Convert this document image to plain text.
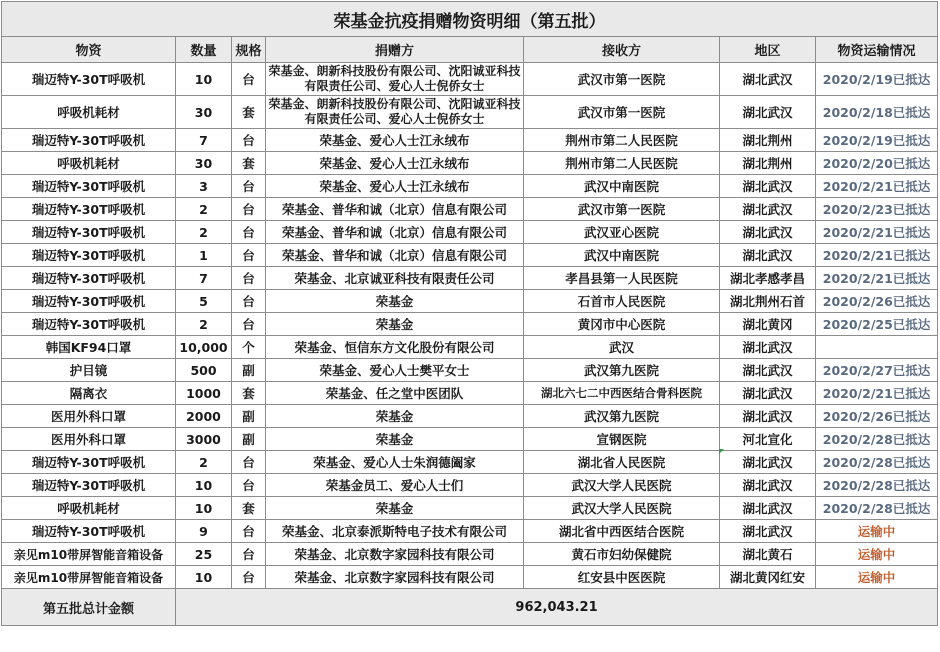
荣基金抗疫捐赠物资明细（第五批）						
物资	数量	规格	捐赠方	接收方	地区	物资运输情况
瑞迈特Y-30T呼吸机	10	台	荣基金、朗新科技股份有限公司、沈阳诚亚科技有限责任公司、爱心人士倪侨女士	武汉市第一医院	湖北武汉	2020/2/19已抵达
呼吸机耗材	30	套	荣基金、朗新科技股份有限公司、沈阳诚亚科技有限责任公司、爱心人士倪侨女士	武汉市第一医院	湖北武汉	2020/2/18已抵达
瑞迈特Y-30T呼吸机	7	台	荣基金、爱心人士江永绒布	荆州市第二人民医院	湖北荆州	2020/2/19已抵达
呼吸机耗材	30	套	荣基金、爱心人士江永绒布	荆州市第二人民医院	湖北荆州	2020/2/20已抵达
瑞迈特Y-30T呼吸机	3	台	荣基金、爱心人士江永绒布	武汉中南医院	湖北武汉	2020/2/21已抵达
瑞迈特Y-30T呼吸机	2	台	荣基金、普华和诚（北京）信息有限公司	武汉市第一医院	湖北武汉	2020/2/23已抵达
瑞迈特Y-30T呼吸机	2	台	荣基金、普华和诚（北京）信息有限公司	武汉亚心医院	湖北武汉	2020/2/21已抵达
瑞迈特Y-30T呼吸机	1	台	荣基金、普华和诚（北京）信息有限公司	武汉中南医院	湖北武汉	2020/2/21已抵达
瑞迈特Y-30T呼吸机	7	台	荣基金、北京诚亚科技有限责任公司	孝昌县第一人民医院	湖北孝感孝昌	2020/2/21已抵达
瑞迈特Y-30T呼吸机	5	台	荣基金	石首市人民医院	湖北荆州石首	2020/2/26已抵达
瑞迈特Y-30T呼吸机	2	台	荣基金	黄冈市中心医院	湖北黄冈	2020/2/25已抵达
韩国KF94口罩	10,000	个	荣基金、恒信东方文化股份有限公司	武汉	湖北武汉	
护目镜	500	副	荣基金、爱心人士樊平女士	武汉第九医院	湖北武汉	2020/2/27已抵达
隔离衣	1000	套	荣基金、任之堂中医团队	湖北六七二中西医结合骨科医院	湖北武汉	2020/2/21已抵达
医用外科口罩	2000	副	荣基金	武汉第九医院	湖北武汉	2020/2/26已抵达
医用外科口罩	3000	副	荣基金	宣钢医院	河北宣化	2020/2/28已抵达
瑞迈特Y-30T呼吸机	2	台	荣基金、爱心人士朱润德阖家	湖北省人民医院	湖北武汉	2020/2/28已抵达
瑞迈特Y-30T呼吸机	10	台	荣基金员工、爱心人士们	武汉大学人民医院	湖北武汉	2020/2/28已抵达
呼吸机耗材	10	套	荣基金	武汉大学人民医院	湖北武汉	2020/2/28已抵达
瑞迈特Y-30T呼吸机	9	台	荣基金、北京泰派斯特电子技术有限公司	湖北省中西医结合医院	湖北武汉	运输中
亲见m10带屏智能音箱设备	25	台	荣基金、北京数字家园科技有限公司	黄石市妇幼保健院	湖北黄石	运输中
亲见m10带屏智能音箱设备	10	台	荣基金、北京数字家园科技有限公司	红安县中医医院	湖北黄冈红安	运输中
第五批总计金额	962,043.21					
